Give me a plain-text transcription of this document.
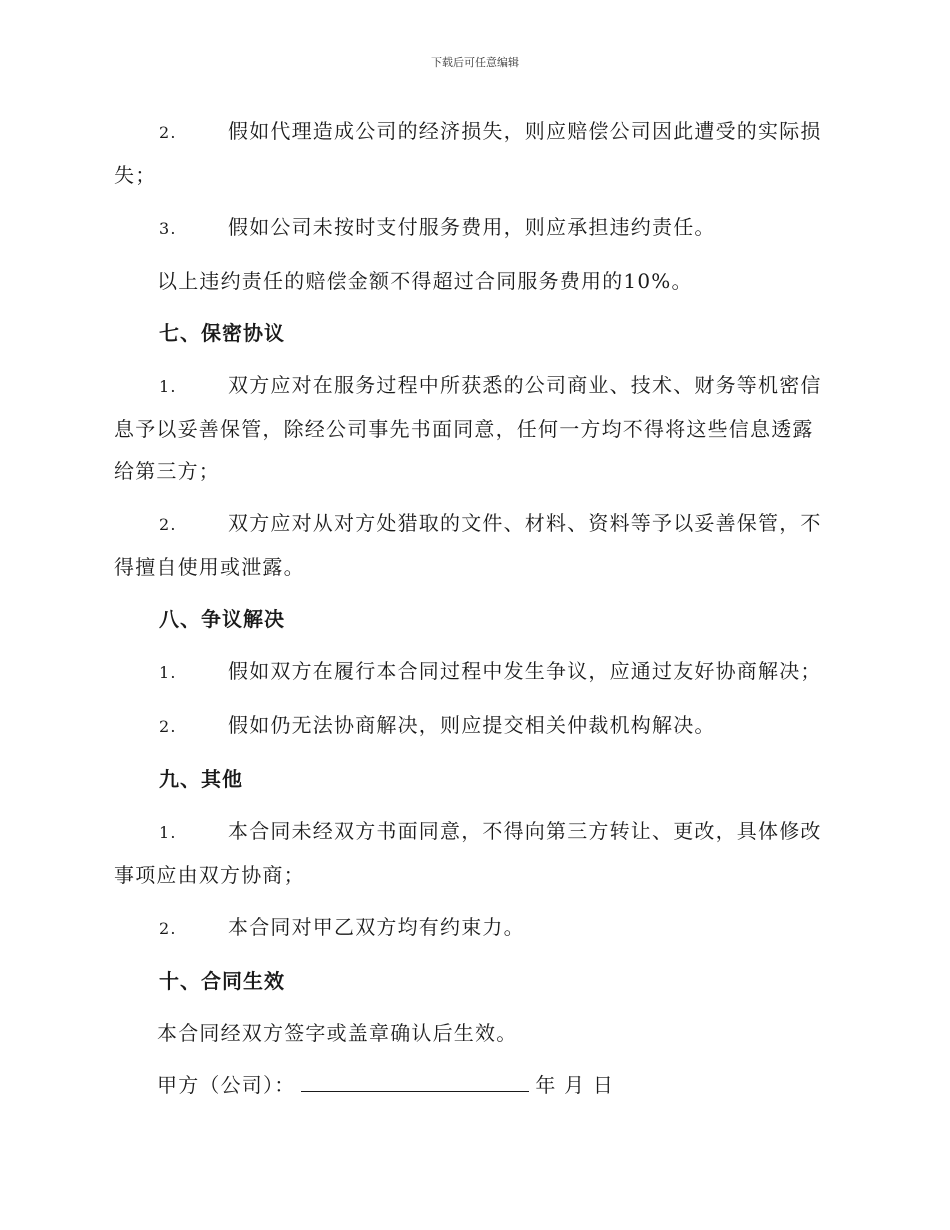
下载后可任意编辑

2.	假如代理造成公司的经济损失，则应赔偿公司因此遭受的实际损失；

3.	假如公司未按时支付服务费用，则应承担违约责任。

以上违约责任的赔偿金额不得超过合同服务费用的10%。

七、保密协议

1.	双方应对在服务过程中所获悉的公司商业、技术、财务等机密信息予以妥善保管，除经公司事先书面同意，任何一方均不得将这些信息透露给第三方；

2.	双方应对从对方处猎取的文件、材料、资料等予以妥善保管，不得擅自使用或泄露。

八、争议解决

1.	假如双方在履行本合同过程中发生争议，应通过友好协商解决；

2.	假如仍无法协商解决，则应提交相关仲裁机构解决。

九、其他

1.	本合同未经双方书面同意，不得向第三方转让、更改，具体修改事项应由双方协商；

2.	本合同对甲乙双方均有约束力。

十、合同生效

本合同经双方签字或盖章确认后生效。

甲方（公司）：	年 月 日
